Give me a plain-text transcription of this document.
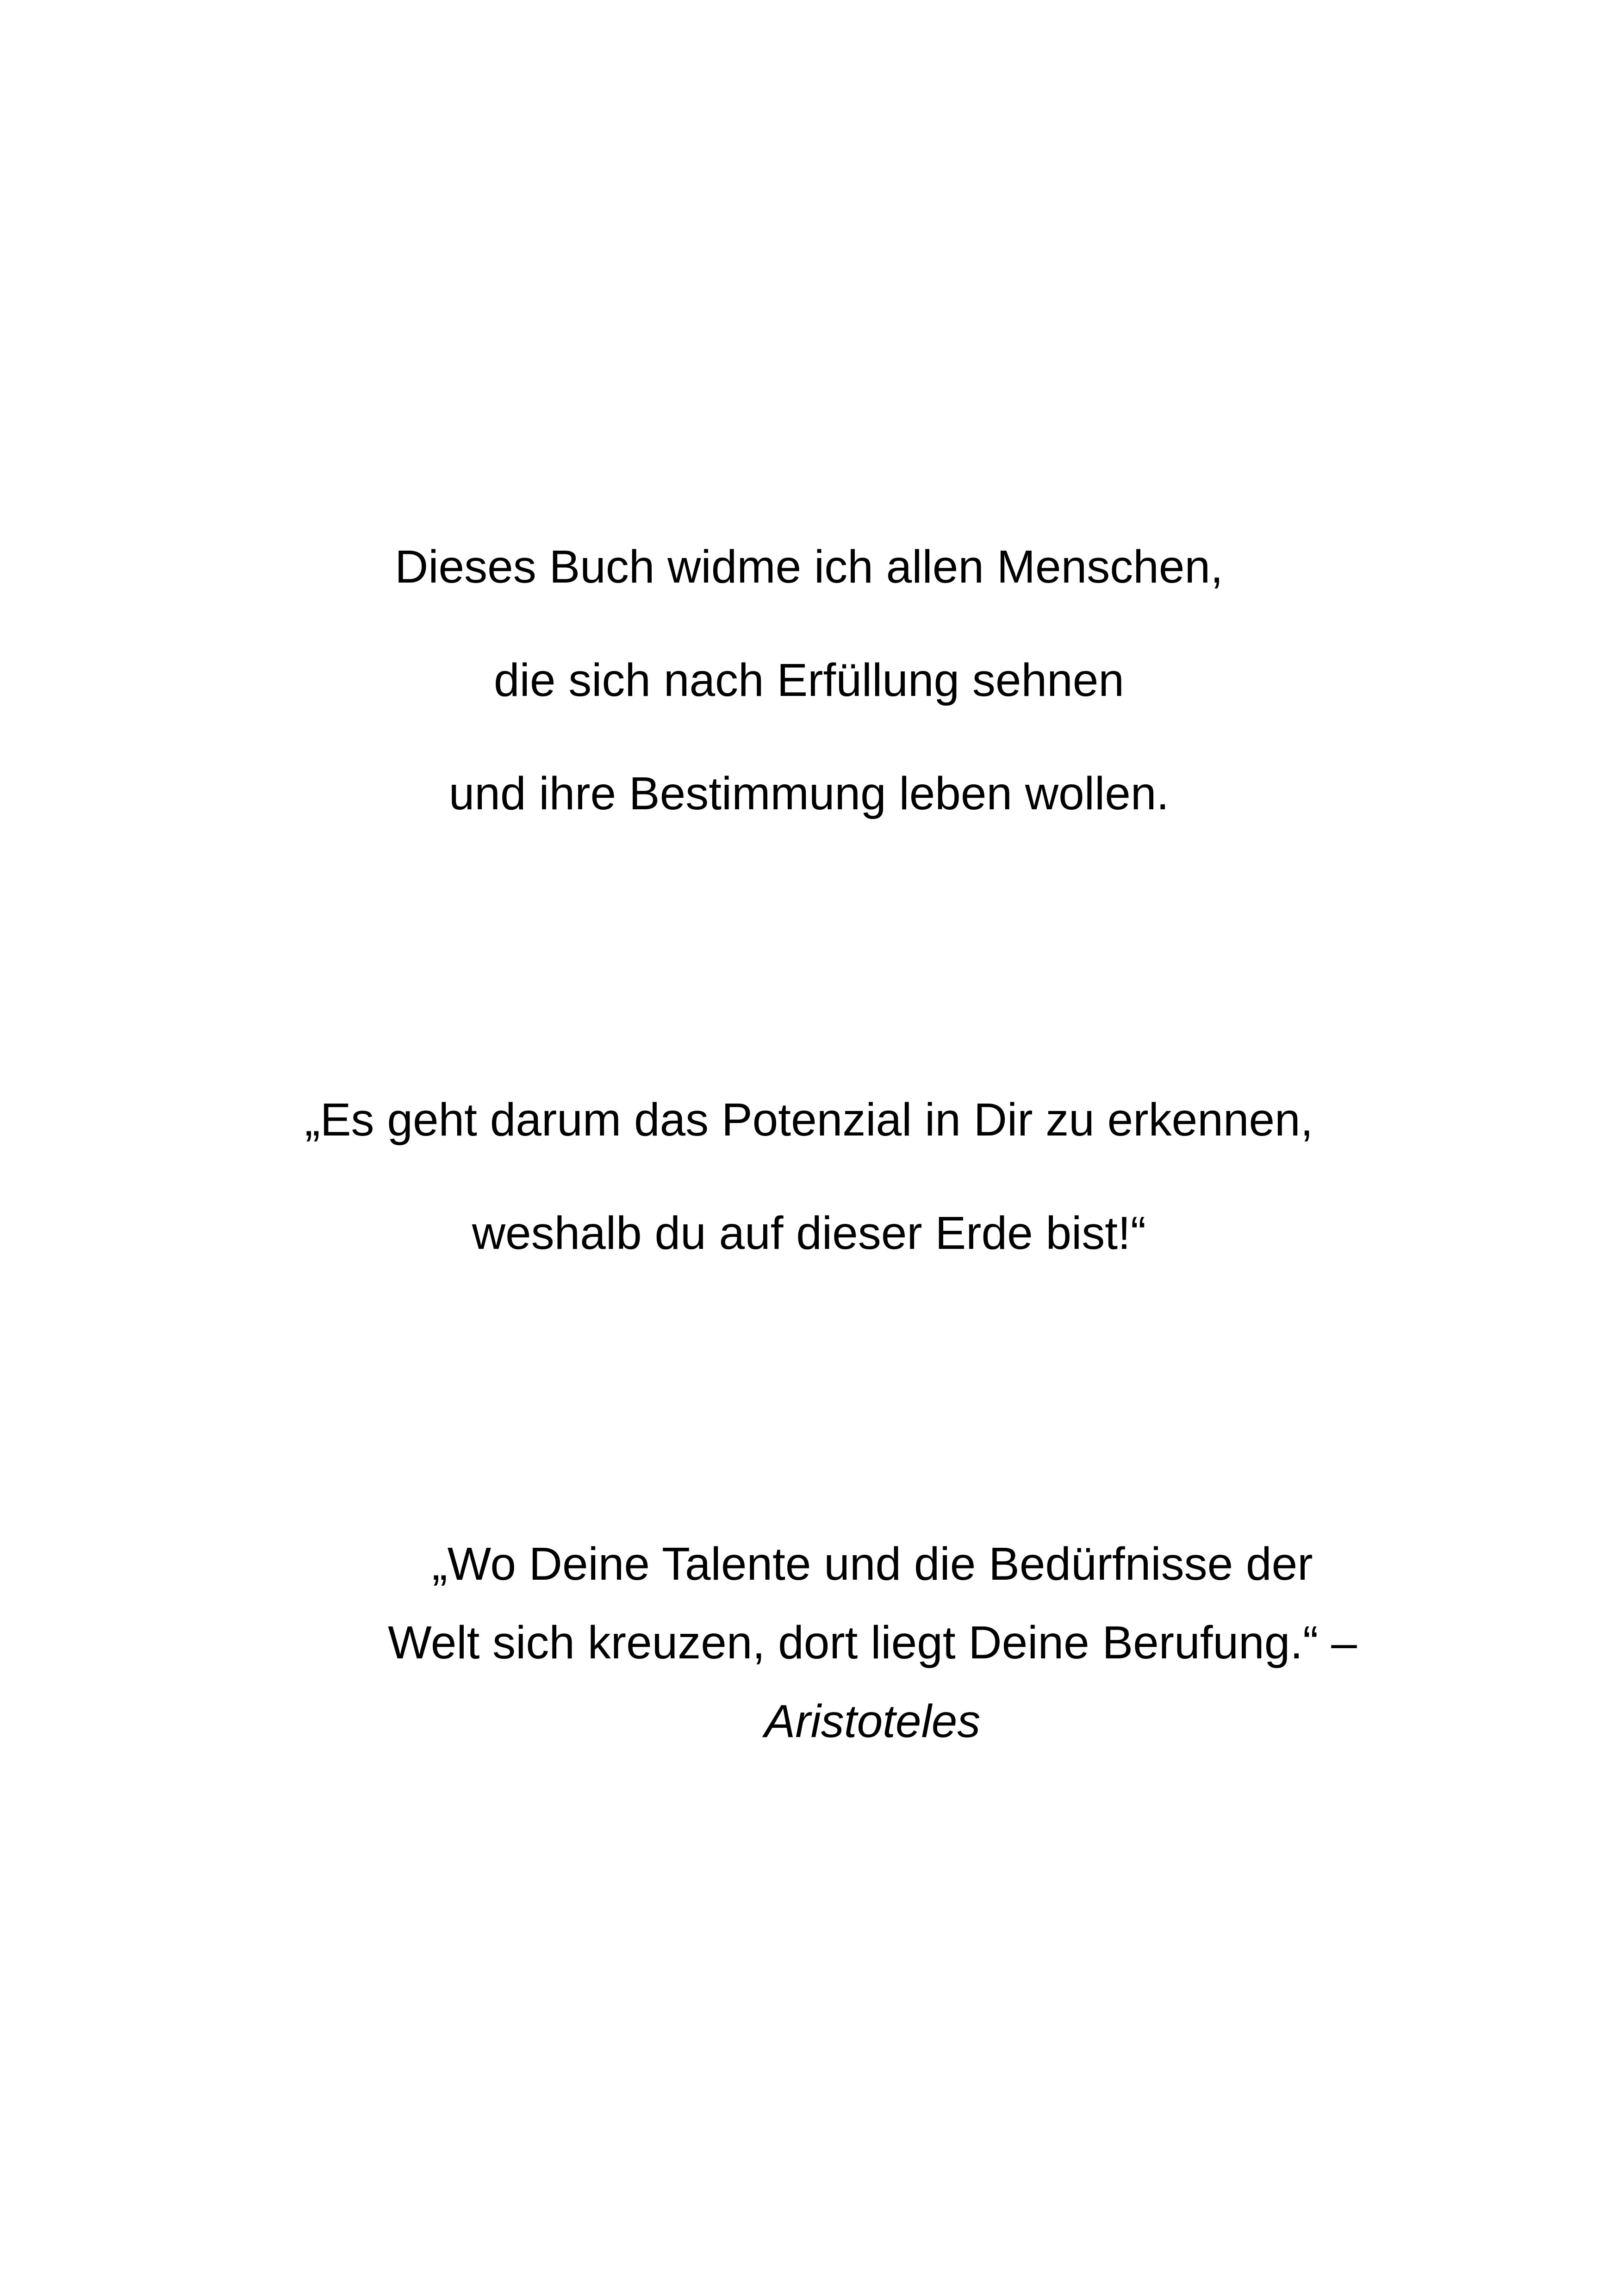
Dieses Buch widme ich allen Menschen,
die sich nach Erfüllung sehnen
und ihre Bestimmung leben wollen.
„Es geht darum das Potenzial in Dir zu erkennen,
weshalb du auf dieser Erde bist!“
„Wo Deine Talente und die Bedürfnisse der
Welt sich kreuzen, dort liegt Deine Berufung.“ –
Aristoteles
